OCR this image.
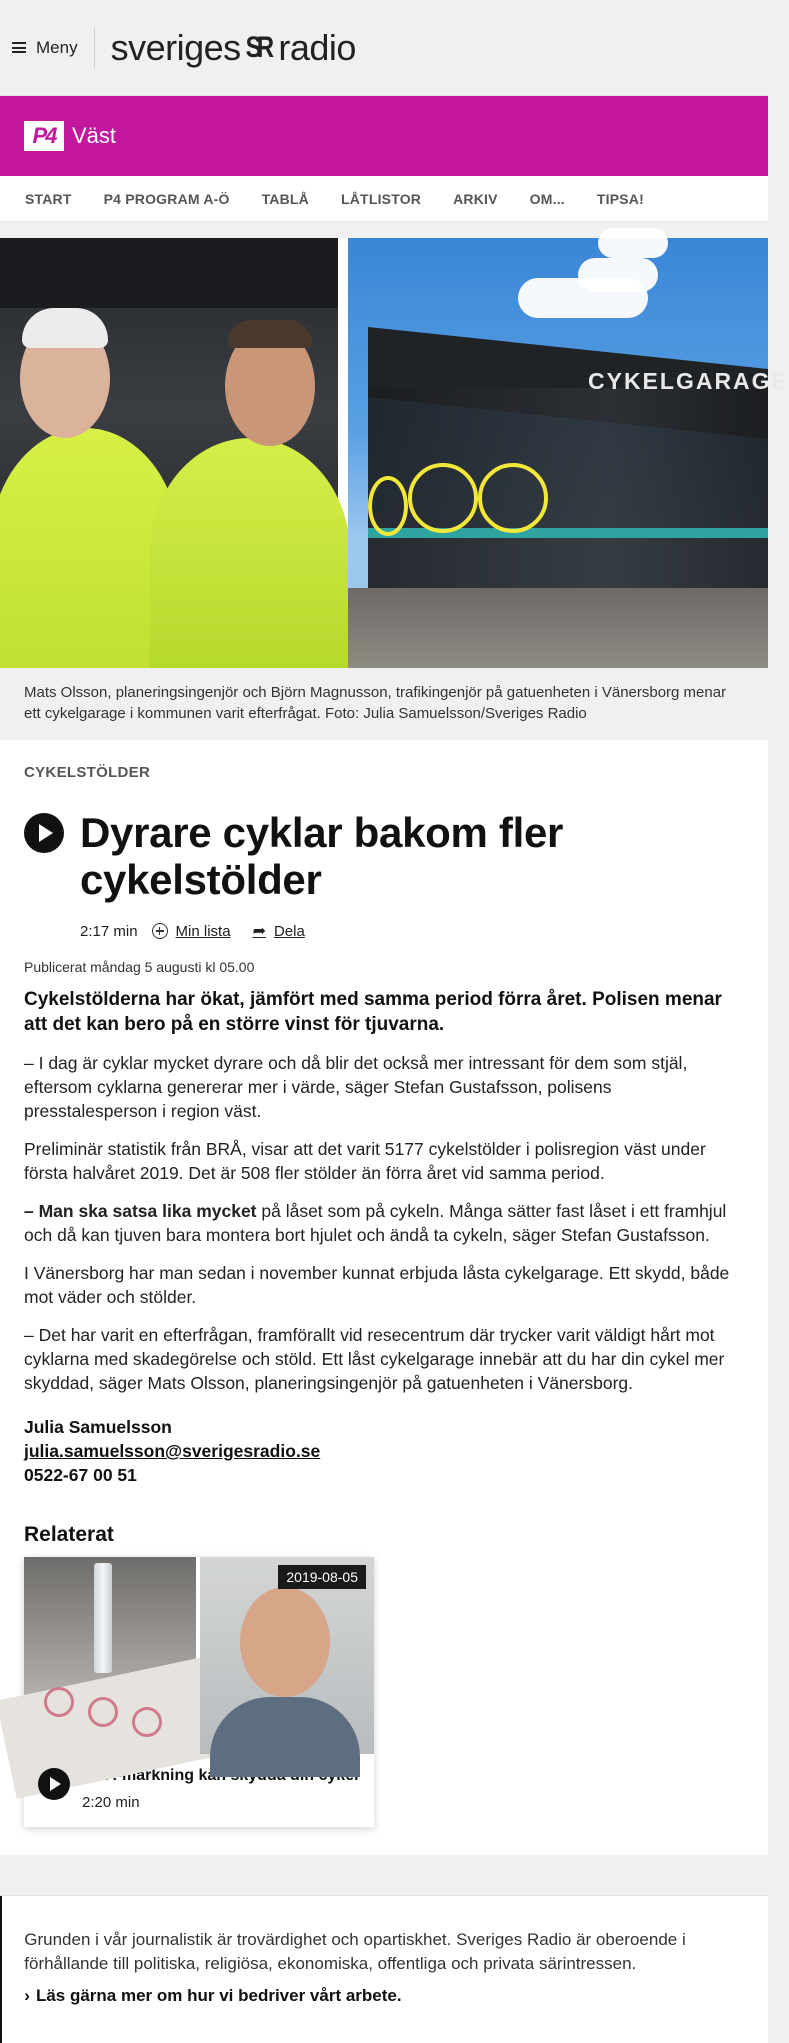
Meny sveriges SR radio
P4 Väst
START P4 PROGRAM A-Ö TABLÅ LÅTLISTOR ARKIV OM... TIPSA!
CYKELGARAGE
Mats Olsson, planeringsingenjör och Björn Magnusson, trafikingenjör på gatuenheten i Vänersborg menar ett cykelgarage i kommunen varit efterfrågat. Foto: Julia Samuelsson/Sveriges Radio
CYKELSTÖLDER
Dyrare cyklar bakom fler cykelstölder
2:17 min	Min lista ➦ Dela
Publicerat måndag 5 augusti kl 05.00
Cykelstölderna har ökat, jämfört med samma period förra året. Polisen menar att det kan bero på en större vinst för tjuvarna.

– I dag är cyklar mycket dyrare och då blir det också mer intressant för dem som stjäl, eftersom cyklarna genererar mer i värde, säger Stefan Gustafsson, polisens presstalesperson i region väst.

Preliminär statistik från BRÅ, visar att det varit 5177 cykelstölder i polisregion väst under första halvåret 2019. Det är 508 fler stölder än förra året vid samma period.

– Man ska satsa lika mycket på låset som på cykeln. Många sätter fast låset i ett framhjul och då kan tjuven bara montera bort hjulet och ändå ta cykeln, säger Stefan Gustafsson.

I Vänersborg har man sedan i november kunnat erbjuda låsta cykelgarage. Ett skydd, både mot väder och stölder.

– Det har varit en efterfrågan, framförallt vid resecentrum där trycker varit väldigt hårt mot cyklarna med skadegörelse och stöld. Ett låst cykelgarage innebär att du har din cykel mer skyddad, säger Mats Olsson, planeringsingenjör på gatuenheten i Vänersborg.

Julia Samuelsson
julia.samuelsson@sverigesradio.se
0522-67 00 51
Relaterat
2019-08-05
DNA-märkning
2:20 min
Grunden i vår journalistik är trovärdighet och opartiskhet. Sveriges Radio är oberoende i förhållande till politiska, religiösa, ekonomiska, offentliga och privata särintressen.
› Läs gärna mer om hur vi bedriver vårt arbete.
